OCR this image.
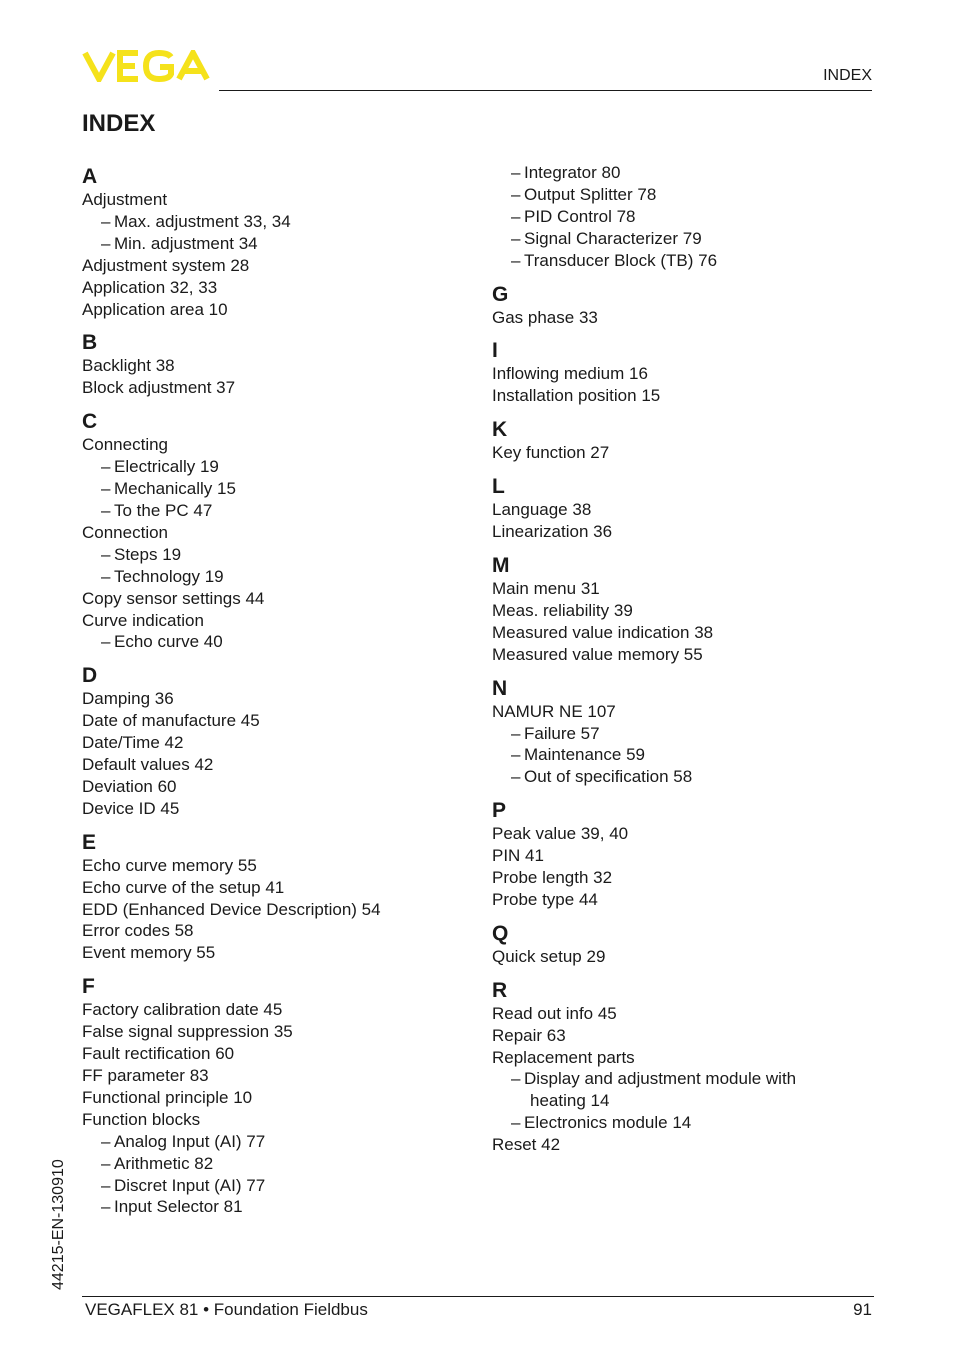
INDEX
INDEX
A
Adjustment
– Max. adjustment 33, 34
– Min. adjustment 34
Adjustment system 28
Application 32, 33
Application area 10
B
Backlight 38
Block adjustment 37
C
Connecting
– Electrically 19
– Mechanically 15
– To the PC 47
Connection
– Steps 19
– Technology 19
Copy sensor settings 44
Curve indication
– Echo curve 40
D
Damping 36
Date of manufacture 45
Date/Time 42
Default values 42
Deviation 60
Device ID 45
E
Echo curve memory 55
Echo curve of the setup 41
EDD (Enhanced Device Description) 54
Error codes 58
Event memory 55
F
Factory calibration date 45
False signal suppression 35
Fault rectification 60
FF parameter 83
Functional principle 10
Function blocks
– Analog Input (AI) 77
– Arithmetic 82
– Discret Input (AI) 77
– Input Selector 81
– Integrator 80
– Output Splitter 78
– PID Control 78
– Signal Characterizer 79
– Transducer Block (TB) 76
G
Gas phase 33
I
Inflowing medium 16
Installation position 15
K
Key function 27
L
Language 38
Linearization 36
M
Main menu 31
Meas. reliability 39
Measured value indication 38
Measured value memory 55
N
NAMUR NE 107
– Failure 57
– Maintenance 59
– Out of specification 58
P
Peak value 39, 40
PIN 41
Probe length 32
Probe type 44
Q
Quick setup 29
R
Read out info 45
Repair 63
Replacement parts
– Display and adjustment module with
heating 14
– Electronics module 14
Reset 42
44215-EN-130910
VEGAFLEX 81 • Foundation Fieldbus	91
